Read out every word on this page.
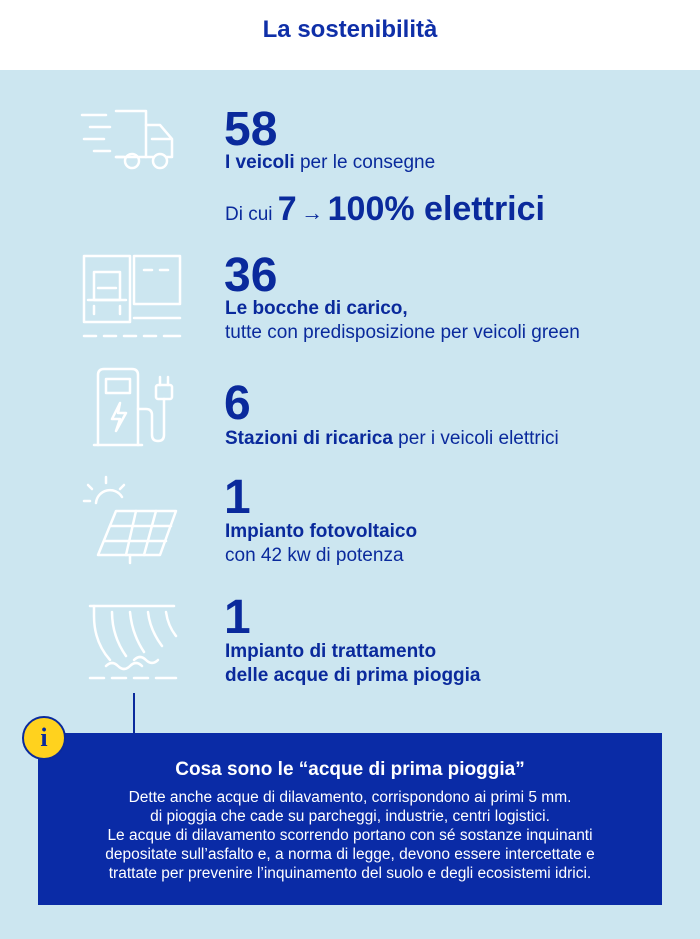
La sostenibilità
58
I veicoli per le consegne
Di cui 7 → 100% elettrici
36
Le bocche di carico,
tutte con predisposizione per veicoli green
6
Stazioni di ricarica per i veicoli elettrici
1
Impianto fotovoltaico
con 42 kw di potenza
1
Impianto di trattamento
delle acque di prima pioggia
Cosa sono le “acque di prima pioggia”
Dette anche acque di dilavamento, corrispondono ai primi 5 mm.
di pioggia che cade su parcheggi, industrie, centri logistici.
Le acque di dilavamento scorrendo portano con sé sostanze inquinanti
depositate sull’asfalto e, a norma di legge, devono essere intercettate e
trattate per prevenire l’inquinamento del suolo e degli ecosistemi idrici.
i
